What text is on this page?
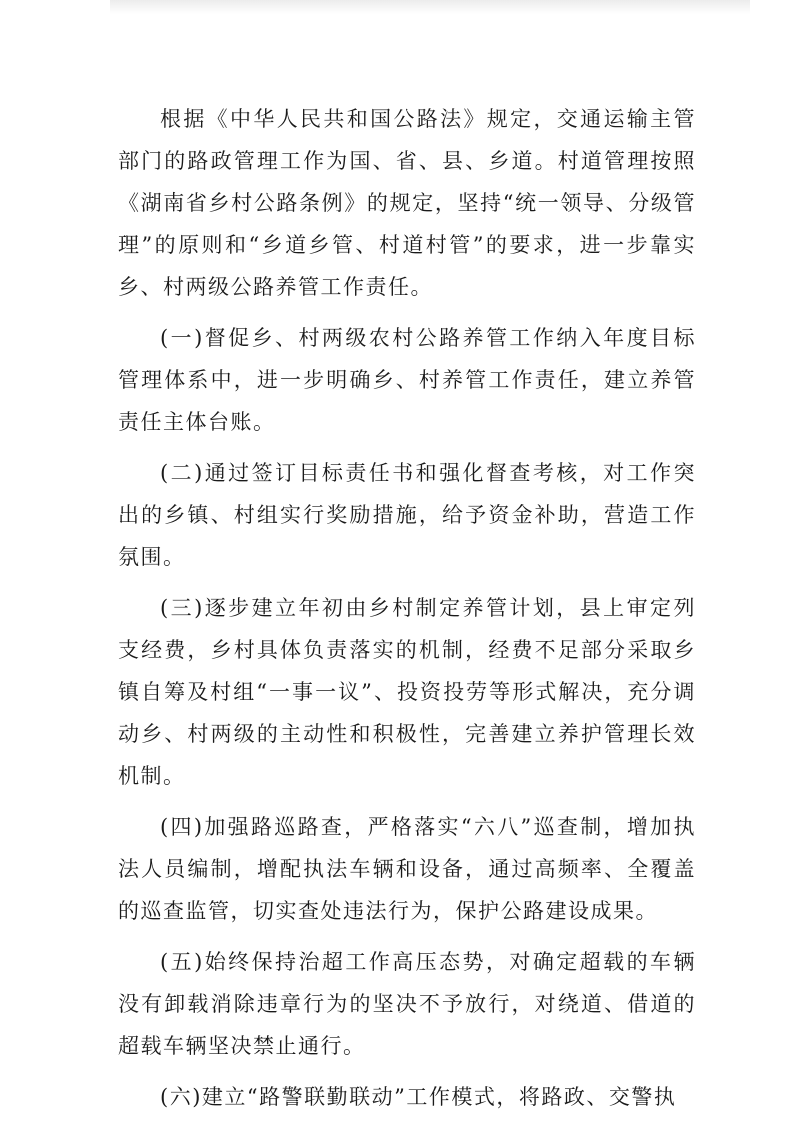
根据《中华人民共和国公路法》规定，交通运输主管部门的路政管理工作为国、省、县、乡道。村道管理按照《湖南省乡村公路条例》的规定，坚持“统一领导、分级管理”的原则和“乡道乡管、村道村管”的要求，进一步靠实乡、村两级公路养管工作责任。

(一)督促乡、村两级农村公路养管工作纳入年度目标管理体系中，进一步明确乡、村养管工作责任，建立养管责任主体台账。

(二)通过签订目标责任书和强化督查考核，对工作突出的乡镇、村组实行奖励措施，给予资金补助，营造工作氛围。

(三)逐步建立年初由乡村制定养管计划，县上审定列支经费，乡村具体负责落实的机制，经费不足部分采取乡镇自筹及村组“一事一议”、投资投劳等形式解决，充分调动乡、村两级的主动性和积极性，完善建立养护管理长效机制。

(四)加强路巡路查，严格落实“六八”巡查制，增加执法人员编制，增配执法车辆和设备，通过高频率、全覆盖的巡查监管，切实查处违法行为，保护公路建设成果。

(五)始终保持治超工作高压态势，对确定超载的车辆没有卸载消除违章行为的坚决不予放行，对绕道、借道的超载车辆坚决禁止通行。

(六)建立“路警联勤联动”工作模式，将路政、交警执
